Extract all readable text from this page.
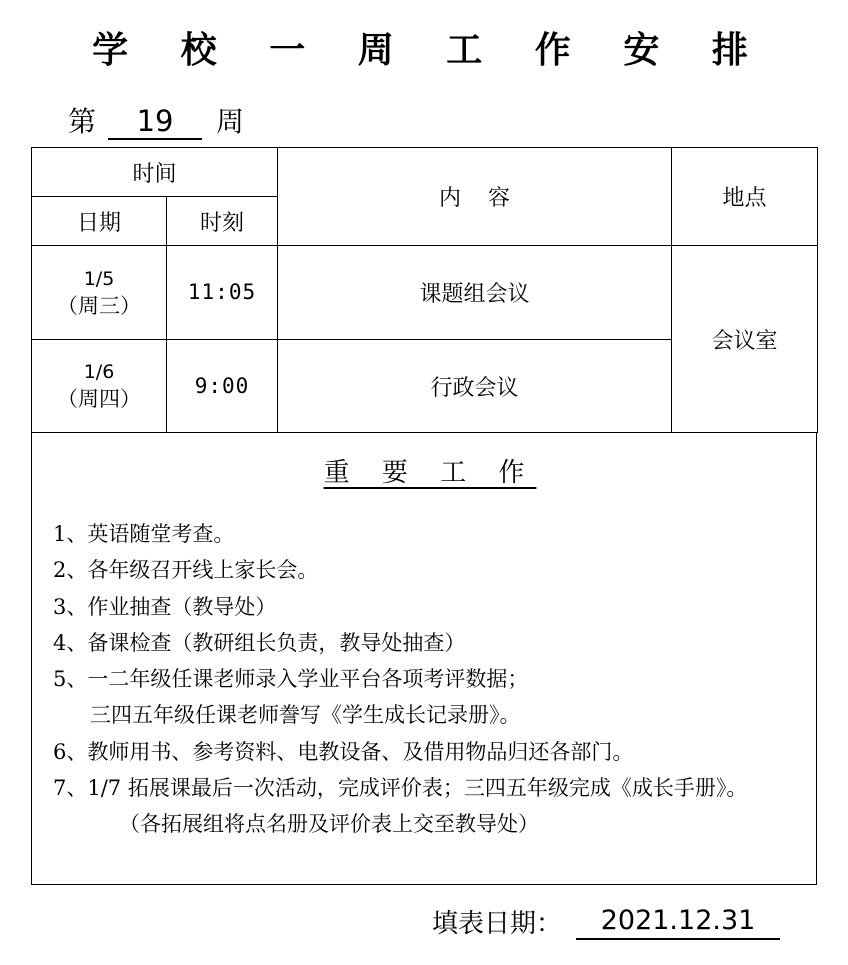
学 校 一 周 工 作 安 排
第	19	周
时间		内 容	地点
日期	时刻		

1/5
（周三）	11:05	课题组会议	会议室

1/6
（周四）	9:00	行政会议	
重 要 工 作
1、英语随堂考查。
2、各年级召开线上家长会。
3、作业抽查（教导处）
4、备课检查（教研组长负责，教导处抽查）
5、一二年级任课老师录入学业平台各项考评数据；
三四五年级任课老师誊写《学生成长记录册》。
6、教师用书、参考资料、电教设备、及借用物品归还各部门。
7、1/7 拓展课最后一次活动，完成评价表；三四五年级完成《成长手册》。
（各拓展组将点名册及评价表上交至教导处）
填表日期：	2021.12.31
